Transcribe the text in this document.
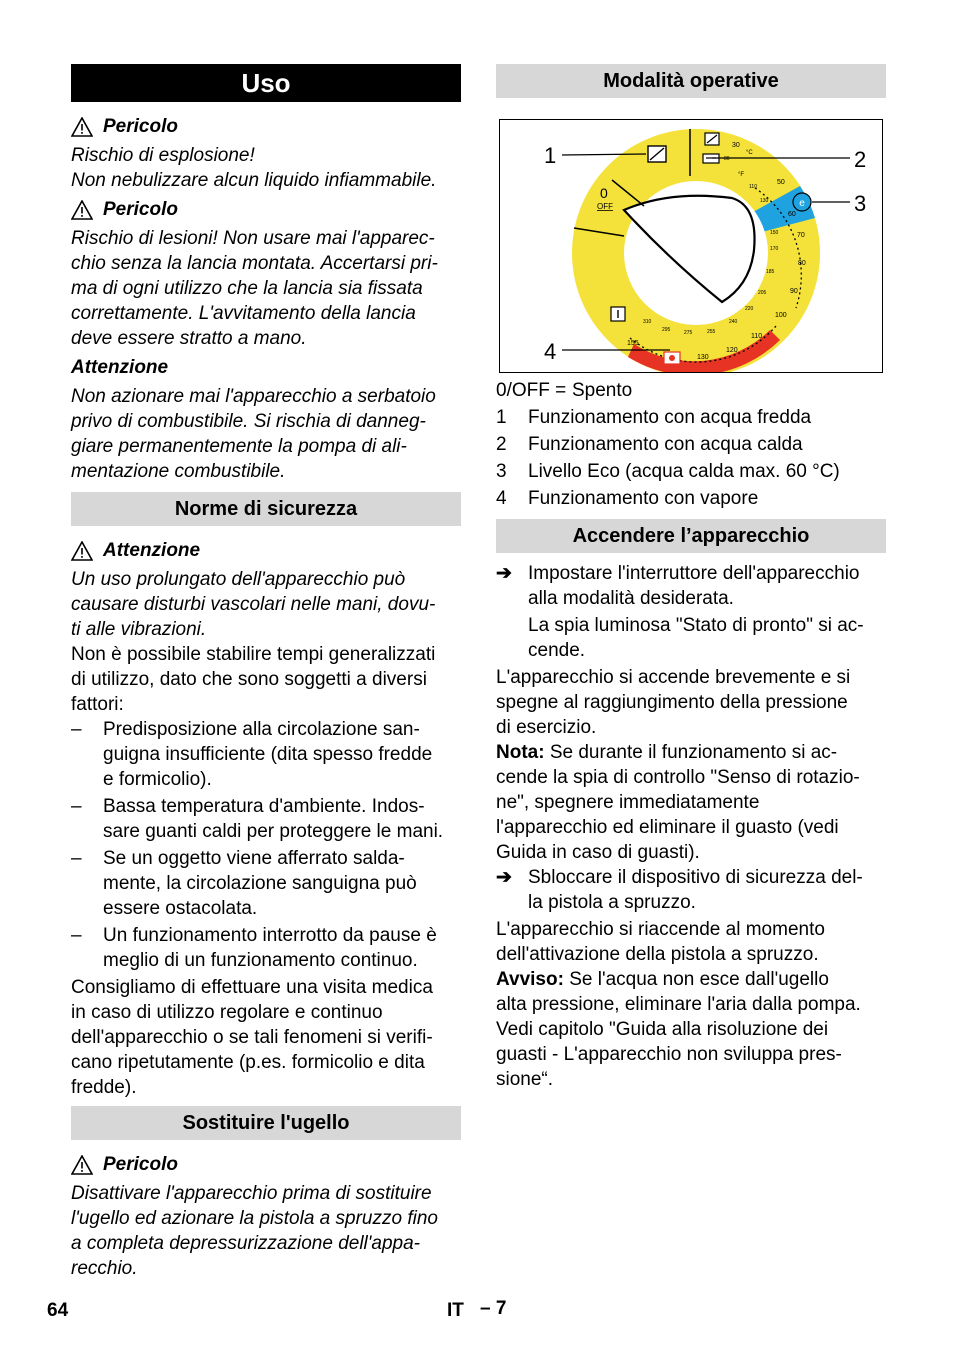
Uso
Pericolo

Rischio di esplosione!

Non nebulizzare alcun liquido infiammabile.

Pericolo

Rischio di lesioni! Non usare mai l'apparec-

chio senza la lancia montata. Accertarsi pri-

ma di ogni utilizzo che la lancia sia fissata

correttamente. L'avvitamento della lancia

deve essere stratto a mano.

Attenzione

Non azionare mai l'apparecchio a serbatoio

privo di combustibile. Si rischia di danneg-

giare permanentemente la pompa di ali-

mentazione combustibile.

Norme di sicurezza
Attenzione

Un uso prolungato dell'apparecchio può

causare disturbi vascolari nelle mani, dovu-

ti alle vibrazioni.

Non è possibile stabilire tempi generalizzati

di utilizzo, dato che sono soggetti a diversi

fattori:

–	Predisposizione alla circolazione san-

guigna insufficiente (dita spesso fredde

e formicolio).

–	Bassa temperatura d'ambiente. Indos-

sare guanti caldi per proteggere le mani.

–	Se un oggetto viene afferrato salda-

mente, la circolazione sanguigna può

essere ostacolata.

–	Un funzionamento interrotto da pause è

meglio di un funzionamento continuo.

Consigliamo di effettuare una visita medica

in caso di utilizzo regolare e continuo

dell'apparecchio o se tali fenomeni si verifi-

cano ripetutamente (p.es. formicolio e dita

fredde).

Sostituire l'ugello
Pericolo

Disattivare l'apparecchio prima di sostituire

l'ugello ed azionare la pistola a spruzzo fino

a completa depressurizzazione dell'appa-

recchio.

Modalità operative
e
0
OFF
°C
°F
30
50
60
70
80
90
100
110
120
130
155
80
110
130
150
170
185
205
220
240
255
275
295
310
1	2
3
4
0/OFF = Spento
1	Funzionamento con acqua fredda
2	Funzionamento con acqua calda
3	Livello Eco (acqua calda max. 60 °C)
4	Funzionamento con vapore
Accendere l’apparecchio
➔ Impostare l'interruttore dell'apparecchio

alla modalità desiderata.

La spia luminosa "Stato di pronto" si ac-

cende.

L'apparecchio si accende brevemente e si

spegne al raggiungimento della pressione

di esercizio.

Nota: Se durante il funzionamento si ac-

cende la spia di controllo "Senso di rotazio-

ne", spegnere immediatamente

l'apparecchio ed eliminare il guasto (vedi

Guida in caso di guasti).

➔ Sbloccare il dispositivo di sicurezza del-

la pistola a spruzzo.

L'apparecchio si riaccende al momento

dell'attivazione della pistola a spruzzo.

Avviso: Se l'acqua non esce dall'ugello

alta pressione, eliminare l'aria dalla pompa.

Vedi capitolo "Guida alla risoluzione dei

guasti - L'apparecchio non sviluppa pres-

sione“.

64	IT – 7
